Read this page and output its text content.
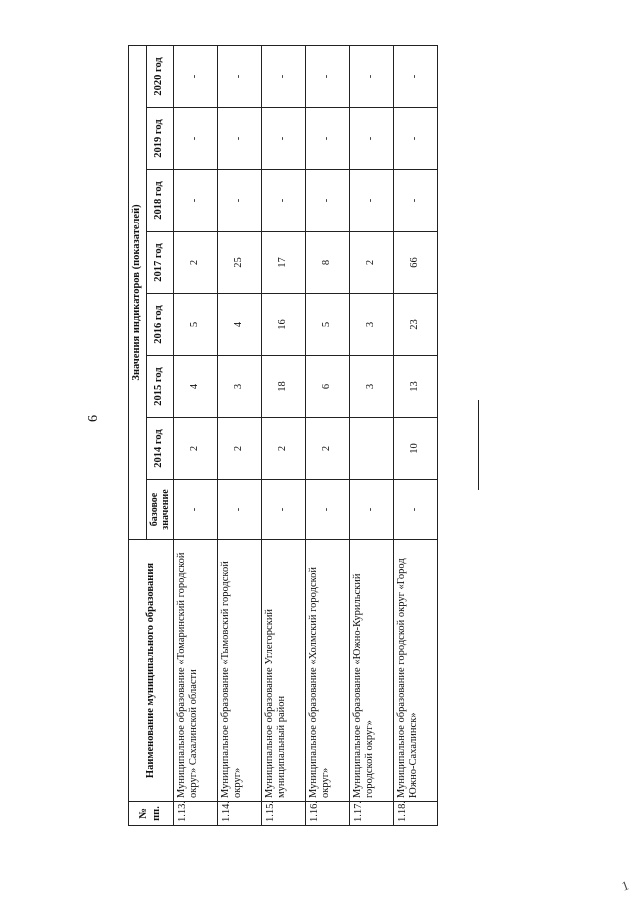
6
1
№ пп.	Наименование муниципального образования	Значения индикаторов (показателей)							
		базовое значение	2014 год	2015 год	2016 год	2017 год	2018 год	2019 год	2020 год
1.13.	Муниципальное образование «Томаринский городской округ» Сахалинской области	-	2	4	5	2	-	-	-
1.14.	Муниципальное образование «Тымовский городской округ»	-	2	3	4	25	-	-	-
1.15.	Муниципальное образование Углегорский муниципальный район	-	2	18	16	17	-	-	-
1.16.	Муниципальное образование «Холмский городской округ»	-	2	6	5	8	-	-	-
1.17.	Муниципальное образование «Южно-Курильский городской округ»	-		3	3	2	-	-	-
1.18.	Муниципальное образование городской округ «Город Южно-Сахалинск»	-	10	13	23	66	-	-	-
